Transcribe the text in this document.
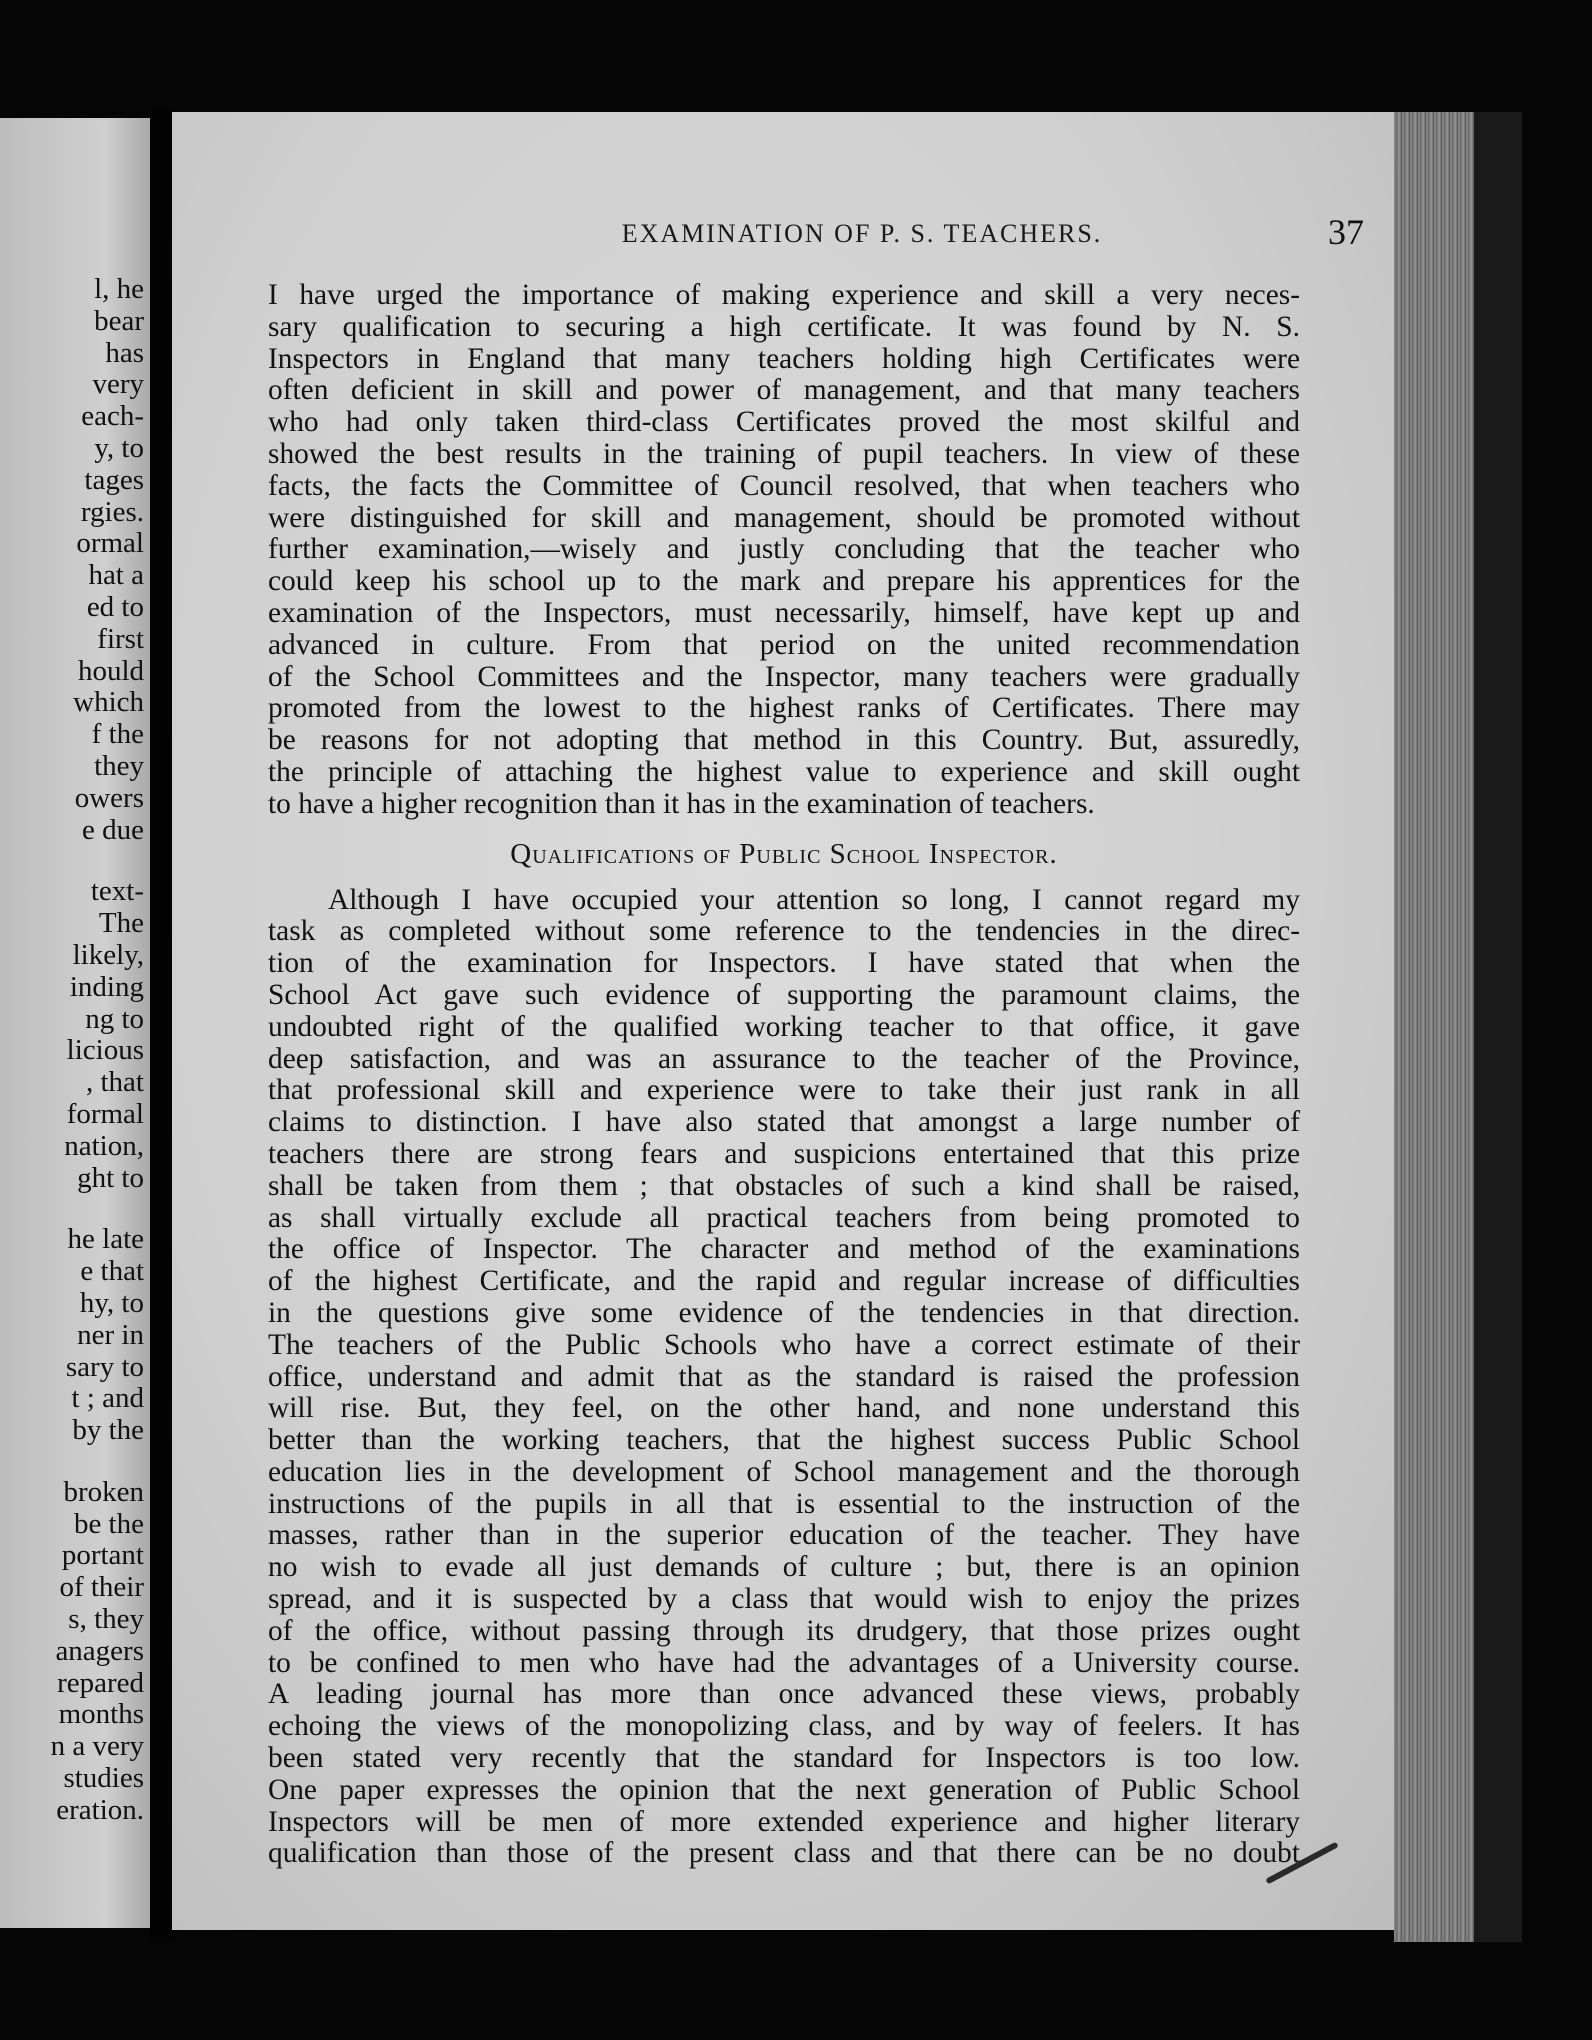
l, he
bear
has
very
each-
y, to
tages
rgies.
ormal
hat a
ed to
first
hould
which
f the
they
owers
e due
text-
The
likely,
inding
ng to
licious
, that
formal
nation,
ght to
he late
e that
hy, to
ner in
sary to
t ; and
by the
broken
be the
portant
of their
s, they
anagers
repared
months
n a very
studies
eration.
EXAMINATION OF P. S. TEACHERS.	37
I have urged the importance of making experience and skill a very neces-
sary qualification to securing a high certificate. It was found by N. S.
Inspectors in England that many teachers holding high Certificates were
often deficient in skill and power of management, and that many teachers
who had only taken third-class Certificates proved the most skilful and
showed the best results in the training of pupil teachers. In view of these
facts, the facts the Committee of Council resolved, that when teachers who
were distinguished for skill and management, should be promoted without
further examination,—wisely and justly concluding that the teacher who
could keep his school up to the mark and prepare his apprentices for the
examination of the Inspectors, must necessarily, himself, have kept up and
advanced in culture. From that period on the united recommendation
of the School Committees and the Inspector, many teachers were gradually
promoted from the lowest to the highest ranks of Certificates. There may
be reasons for not adopting that method in this Country. But, assuredly,
the principle of attaching the highest value to experience and skill ought
to have a higher recognition than it has in the examination of teachers.
Qualifications of Public School Inspector.
Although I have occupied your attention so long, I cannot regard my
task as completed without some reference to the tendencies in the direc-
tion of the examination for Inspectors. I have stated that when the
School Act gave such evidence of supporting the paramount claims, the
undoubted right of the qualified working teacher to that office, it gave
deep satisfaction, and was an assurance to the teacher of the Province,
that professional skill and experience were to take their just rank in all
claims to distinction. I have also stated that amongst a large number of
teachers there are strong fears and suspicions entertained that this prize
shall be taken from them ; that obstacles of such a kind shall be raised,
as shall virtually exclude all practical teachers from being promoted to
the office of Inspector. The character and method of the examinations
of the highest Certificate, and the rapid and regular increase of difficulties
in the questions give some evidence of the tendencies in that direction.
The teachers of the Public Schools who have a correct estimate of their
office, understand and admit that as the standard is raised the profession
will rise. But, they feel, on the other hand, and none understand this
better than the working teachers, that the highest success Public School
education lies in the development of School management and the thorough
instructions of the pupils in all that is essential to the instruction of the
masses, rather than in the superior education of the teacher. They have
no wish to evade all just demands of culture ; but, there is an opinion
spread, and it is suspected by a class that would wish to enjoy the prizes
of the office, without passing through its drudgery, that those prizes ought
to be confined to men who have had the advantages of a University course.
A leading journal has more than once advanced these views, probably
echoing the views of the monopolizing class, and by way of feelers. It has
been stated very recently that the standard for Inspectors is too low.
One paper expresses the opinion that the next generation of Public School
Inspectors will be men of more extended experience and higher literary
qualification than those of the present class and that there can be no doubt
